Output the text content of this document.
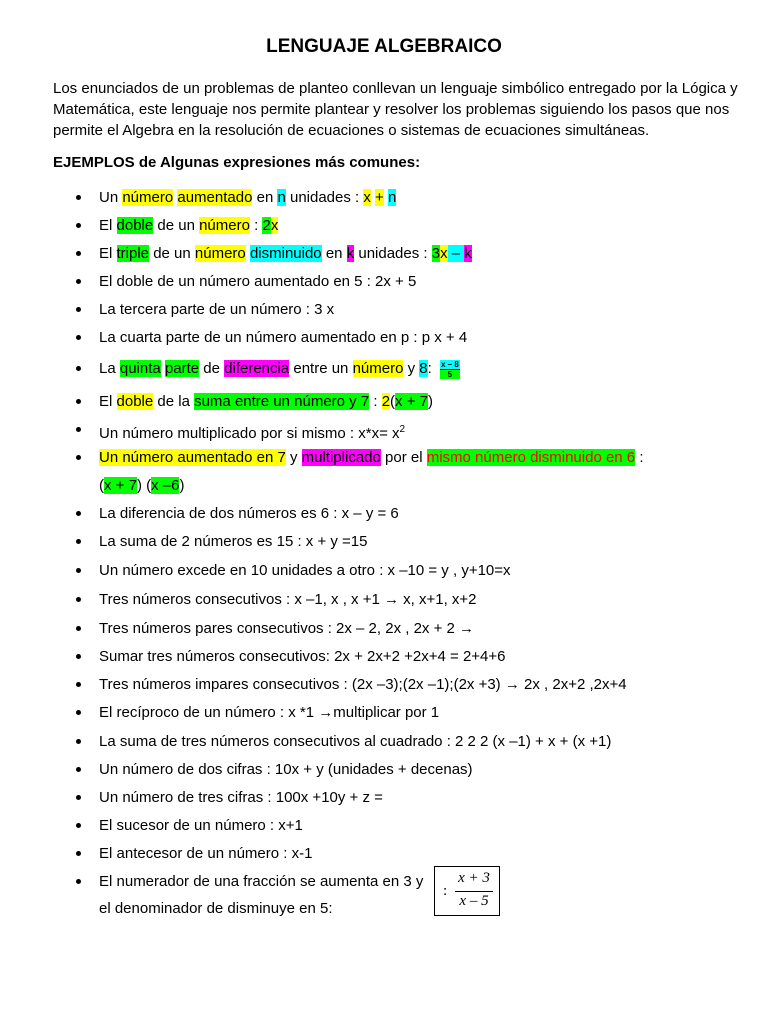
LENGUAJE ALGEBRAICO
Los enunciados de un problemas de planteo conllevan un lenguaje simbólico entregado por la Lógica y Matemática, este lenguaje nos permite plantear y resolver los problemas siguiendo los pasos que nos permite el Algebra en la resolución de ecuaciones o sistemas de ecuaciones simultáneas.
EJEMPLOS de Algunas expresiones más comunes:
Un número aumentado en n unidades : x + n
El doble de un número : 2x
El triple de un número disminuido en k unidades : 3x – k
El doble de un número aumentado en 5 : 2x + 5
La tercera parte de un número : 3 x
La cuarta parte de un número aumentado en p : p x + 4
La quinta parte de diferencia entre un número y 8: $\frac{x - 8}{5}$
El doble de la suma entre un número y 7 : 2(x + 7)
Un número multiplicado por si mismo : $x*x= x^2$
Un número aumentado en 7 y multiplicado por el mismo número disminuido en 6 :
(x + 7) (x –6)
La diferencia de dos números es 6 : x – y = 6
La suma de 2 números es 15 : x + y =15
Un número excede en 10 unidades a otro : x –10 = y , y+10=x
Tres números consecutivos : x –1, x , x +1 → x, x+1, x+2
Tres números pares consecutivos : 2x – 2, 2x , 2x + 2 →
Sumar tres números consecutivos: 2x + 2x+2 +2x+4 = 2+4+6
Tres números impares consecutivos : (2x –3);(2x –1);(2x +3) → 2x , 2x+2 ,2x+4
El recíproco de un número : x *1 →multiplicar por 1
La suma de tres números consecutivos al cuadrado : 2 2 2 (x –1) + x + (x +1)
Un número de dos cifras : 10x + y (unidades + decenas)
Un número de tres cifras : 100x +10y + z =
El sucesor de un número : x+1
El antecesor de un número : x-1
El numerador de una fracción se aumenta en 3 y
el denominador de disminuye en 5:
:
x + 3
x – 5
